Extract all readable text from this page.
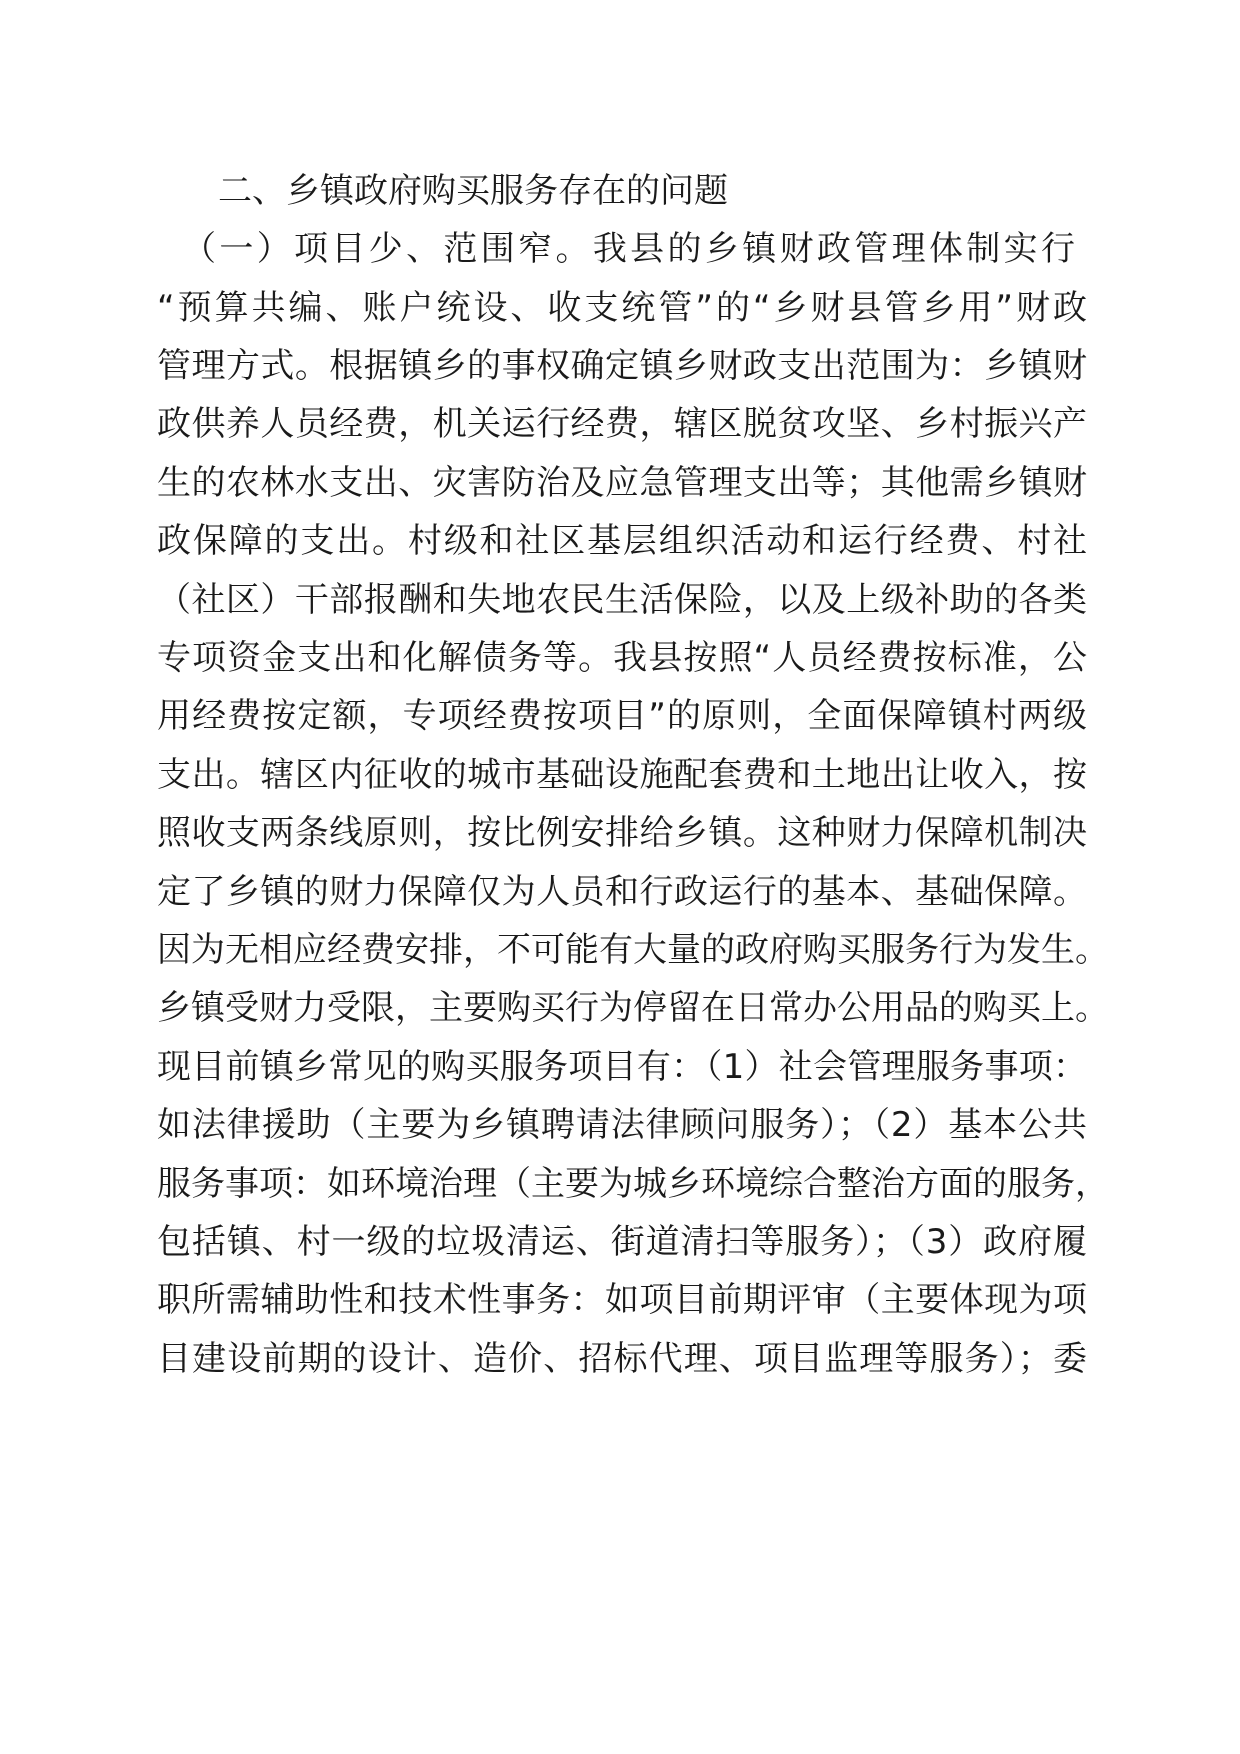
二、乡镇政府购买服务存在的问题
（一）项目少、范围窄。我县的乡镇财政管理体制实行
“预算共编、账户统设、收支统管”的“乡财县管乡用”财政
管理方式。根据镇乡的事权确定镇乡财政支出范围为：乡镇财
政供养人员经费，机关运行经费，辖区脱贫攻坚、乡村振兴产
生的农林水支出、灾害防治及应急管理支出等；其他需乡镇财
政保障的支出。村级和社区基层组织活动和运行经费、村社
（社区）干部报酬和失地农民生活保险，以及上级补助的各类
专项资金支出和化解债务等。我县按照“人员经费按标准，公
用经费按定额，专项经费按项目”的原则，全面保障镇村两级
支出。辖区内征收的城市基础设施配套费和土地出让收入，按
照收支两条线原则，按比例安排给乡镇。这种财力保障机制决
定了乡镇的财力保障仅为人员和行政运行的基本、基础保障。
因为无相应经费安排，不可能有大量的政府购买服务行为发生。
乡镇受财力受限，主要购买行为停留在日常办公用品的购买上。
现目前镇乡常见的购买服务项目有：（1）社会管理服务事项：
如法律援助（主要为乡镇聘请法律顾问服务）；（2）基本公共
服务事项：如环境治理（主要为城乡环境综合整治方面的服务，
包括镇、村一级的垃圾清运、街道清扫等服务）；（3）政府履
职所需辅助性和技术性事务：如项目前期评审（主要体现为项
目建设前期的设计、造价、招标代理、项目监理等服务）；委
